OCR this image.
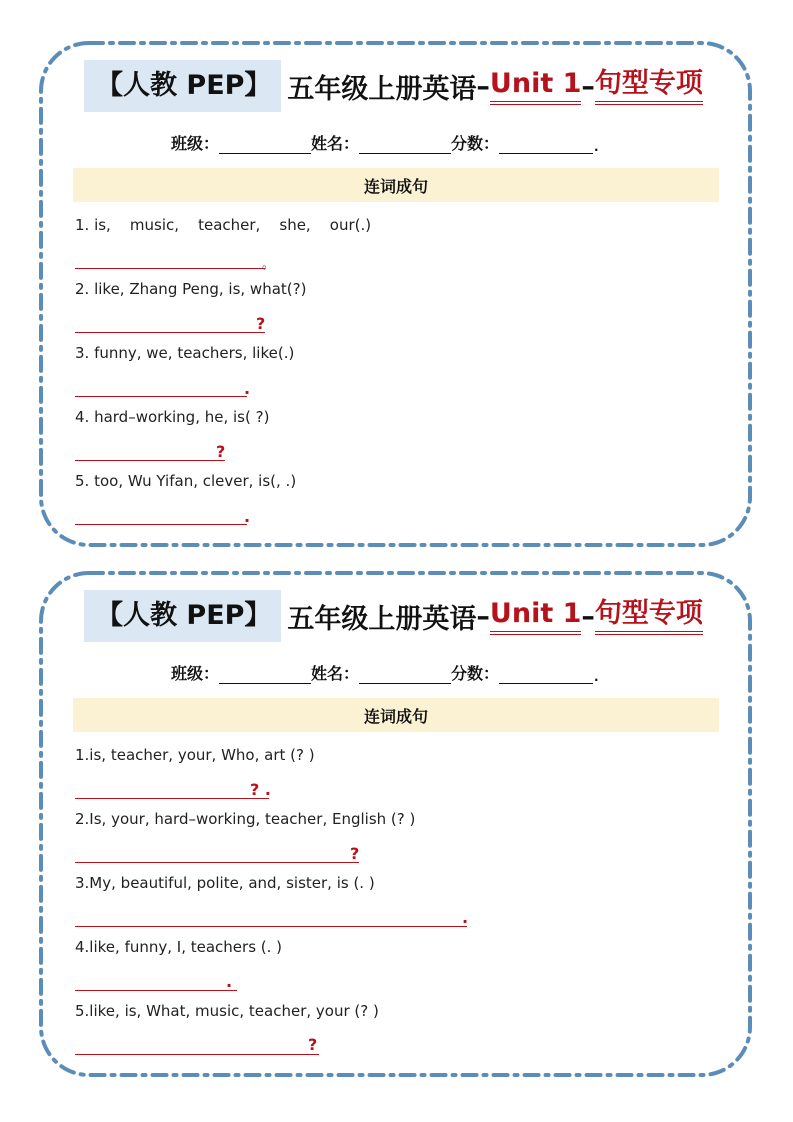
【人教 PEP】 五年级上册英语 – Unit 1 – 句型专项
班级：	姓名：	分数：	.
连词成句
1. is,    music,    teacher,    she,    our(.)
。
2. like, Zhang Peng, is, what(?)
?
3. funny, we, teachers, like(.)
.
4. hard–working, he, is( ?)
?
5. too, Wu Yifan, clever, is(, .)
.
【人教 PEP】 五年级上册英语 – Unit 1 – 句型专项
班级：	姓名：	分数：	.
连词成句
1.is, teacher, your, Who, art (? )
? .
2.Is, your, hard–working, teacher, English (? )
?
3.My, beautiful, polite, and, sister, is (. )
.
4.like, funny, I, teachers (. )
.
5.like, is, What, music, teacher, your (? )
?
